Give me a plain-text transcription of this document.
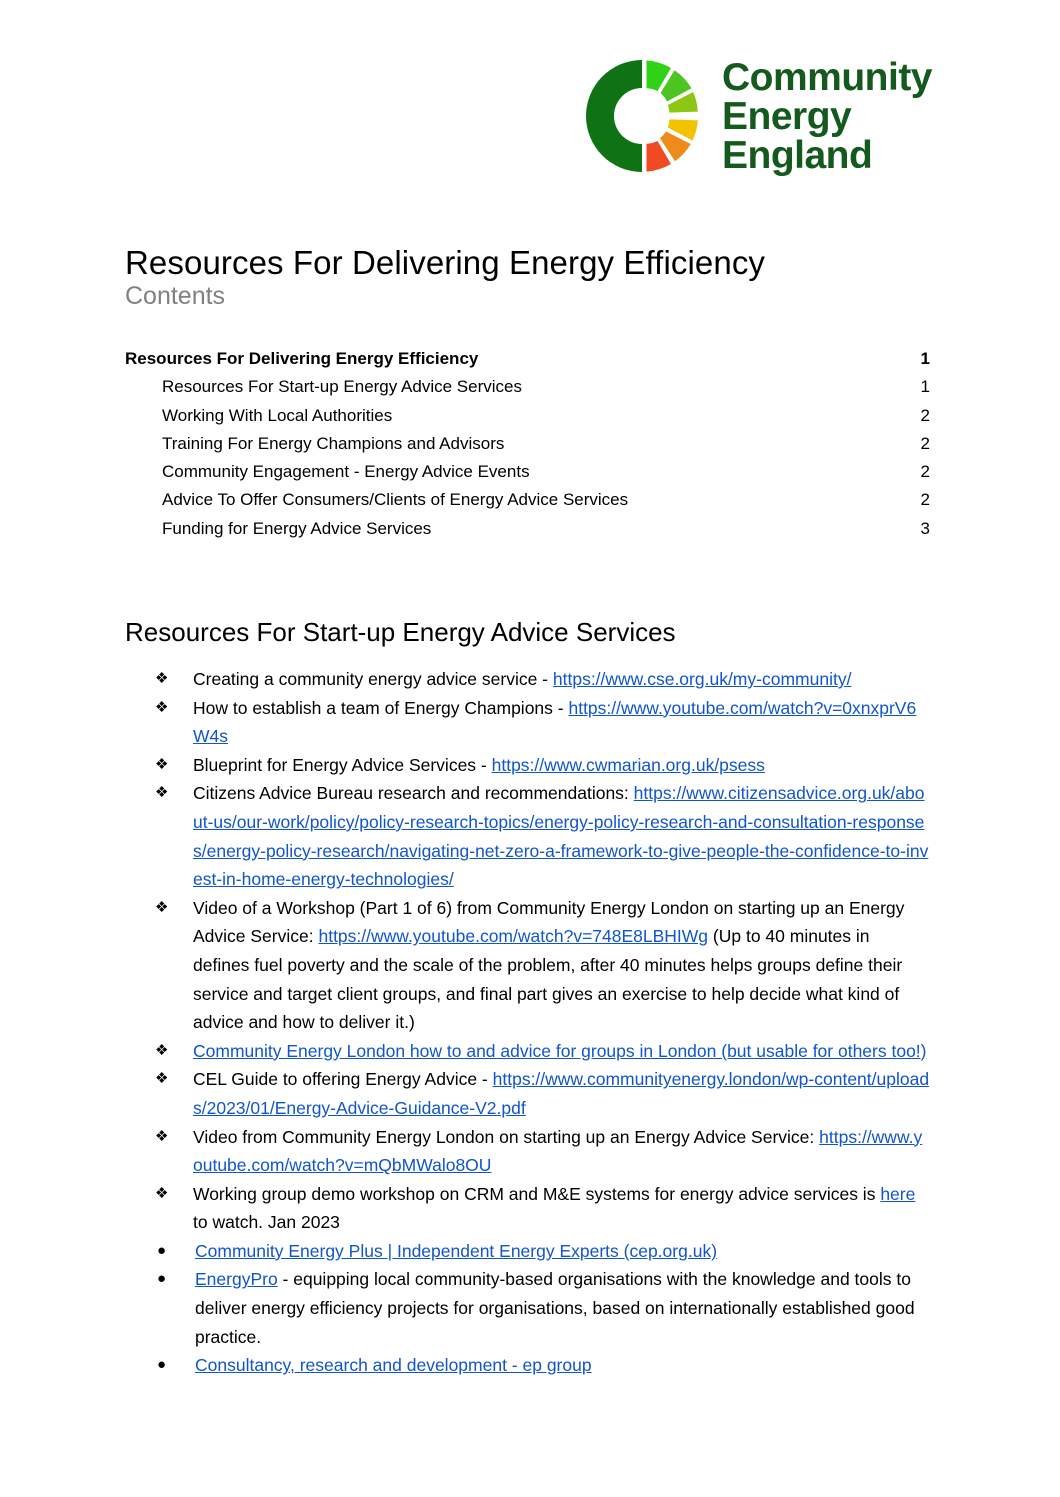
Community
Energy
England
Resources For Delivering Energy Efficiency
Contents
Resources For Delivering Energy Efficiency	1
Resources For Start-up Energy Advice Services	1
Working With Local Authorities	2
Training For Energy Champions and Advisors	2
Community Engagement - Energy Advice Events	2
Advice To Offer Consumers/Clients of Energy Advice Services	2
Funding for Energy Advice Services	3
Resources For Start-up Energy Advice Services
❖	Creating a community energy advice service - https://www.cse.org.uk/my-community/
❖	How to establish a team of Energy Champions - https://www.youtube.com/watch?v=0xnxprV6W4s
❖	Blueprint for Energy Advice Services - https://www.cwmarian.org.uk/psess
❖	Citizens Advice Bureau research and recommendations: https://www.citizensadvice.org.uk/about-us/our-work/policy/policy-research-topics/energy-policy-research-and-consultation-responses/energy-policy-research/navigating-net-zero-a-framework-to-give-people-the-confidence-to-invest-in-home-energy-technologies/
❖	Video of a Workshop (Part 1 of 6) from Community Energy London on starting up an Energy Advice Service: https://www.youtube.com/watch?v=748E8LBHIWg (Up to 40 minutes in defines fuel poverty and the scale of the problem, after 40 minutes helps groups define their service and target client groups, and final part gives an exercise to help decide what kind of advice and how to deliver it.)
❖	Community Energy London how to and advice for groups in London (but usable for others too!)
❖	CEL Guide to offering Energy Advice - https://www.communityenergy.london/wp-content/uploads/2023/01/Energy-Advice-Guidance-V2.pdf
❖	Video from Community Energy London on starting up an Energy Advice Service: https://www.youtube.com/watch?v=mQbMWalo8OU
❖	Working group demo workshop on CRM and M&E systems for energy advice services is here to watch. Jan 2023
●	Community Energy Plus | Independent Energy Experts (cep.org.uk)
●	EnergyPro - equipping local community-based organisations with the knowledge and tools to deliver energy efficiency projects for organisations, based on internationally established good practice.
●	Consultancy, research and development - ep group
